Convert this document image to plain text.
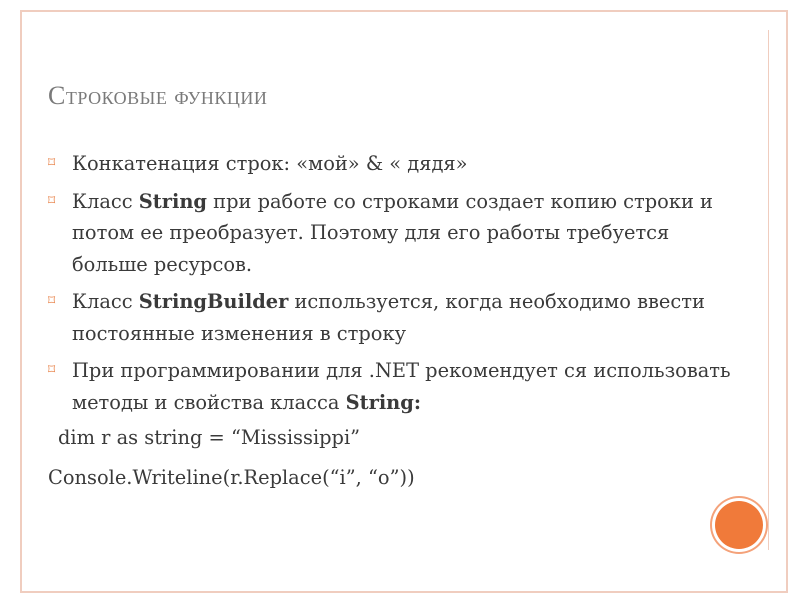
Строковые функции
⌑ Конкатенация строк: «мой» & « дядя»
⌑ Класс String при работе со строками создает копию строки и потом ее преобразует. Поэтому для его работы требуется больше ресурсов.
⌑ Класс StringBuilder используется, когда необходимо ввести постоянные изменения в строку
⌑ При программировании для .NET рекомендует ся использовать методы и свойства класса String:
dim r as string = “Mississippi”
Console.Writeline(r.Replace(“i”, “o”))
